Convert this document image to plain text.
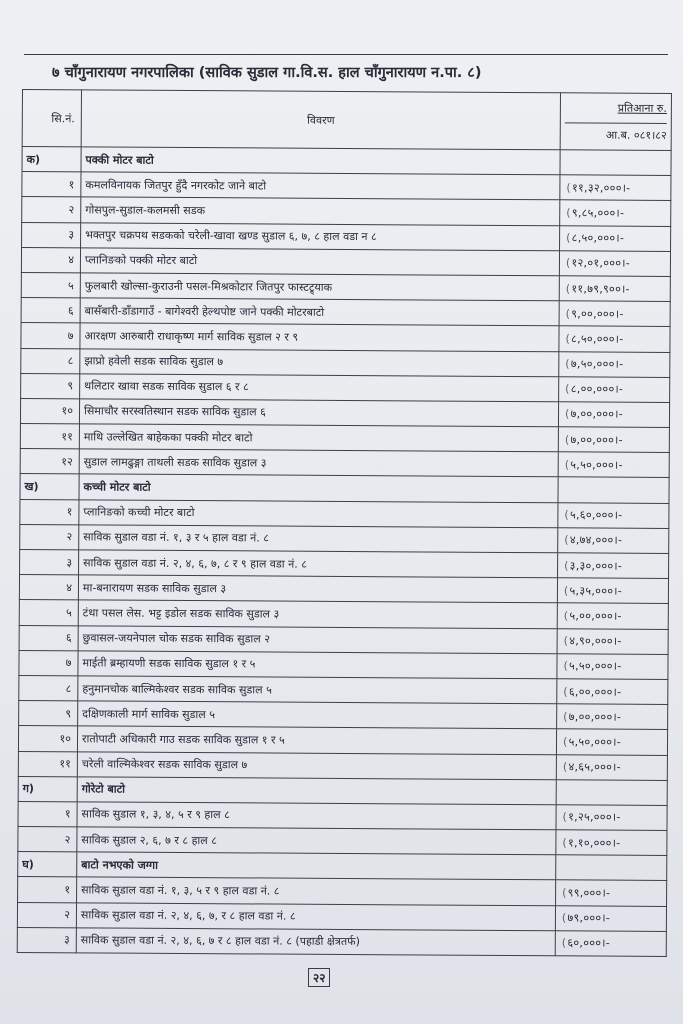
७ चाँगुनारायण नगरपालिका (साविक सुडाल गा.वि.स. हाल चाँगुनारायण न.पा. ८)
सि.नं.	विवरण	प्रतिआना रु.
आ.ब. ०८१।८२

क)	पक्की मोटर बाटो	
१	कमलविनायक जितपुर हुँदै नगरकोट जाने बाटो	( ११,३२,०००।-
२	गोसपुल-सुडाल-कलमसी सडक	( ९,८५,०००।-
३	भक्तपुर चक्रपथ सडकको चरेली-खावा खण्ड सुडाल ६, ७, ८ हाल वडा न ८	( ८,५०,०००।-
४	प्लानिङको पक्की मोटर बाटो	( १२,०१,०००।-
५	फुलबारी खोल्सा-कुराउनी पसल-मिश्रकोटार जितपुर फास्टट्र्याक	( ११,७९,९००।-
६	बासँबारी-डाँडागाउँ - बागेश्वरी हेल्थपोष्ट जाने पक्की मोटरबाटो	( ९,००,०००।-
७	आरक्षण आरुबारी राधाकृष्ण मार्ग साविक सुडाल २ र ९	( ८,५०,०००।-
८	झाप्रो हवेली सडक साविक सुडाल ७	( ७,५०,०००।-
९	थलिटार खावा सडक साविक सुडाल ६ र ८	( ८,००,०००।-
१०	सिमाचौर सरस्वतिस्थान सडक साविक सुडाल ६	( ७,००,०००।-
११	माथि उल्लेखित बाहेकका पक्की मोटर बाटो	( ७,००,०००।-
१२	सुडाल लामढुङ्गा ताथली सडक साविक सुडाल ३	( ५,५०,०००।-
ख)	कच्ची मोटर बाटो	
१	प्लानिङको कच्ची मोटर बाटो	( ५,६०,०००।-
२	साविक सुडाल वडा नं. १, ३ र ५ हाल वडा नं. ८	( ४,७४,०००।-
३	साविक सुडाल वडा नं. २, ४, ६, ७, ८ र ९ हाल वडा नं. ८	( ३,३०,०००।-
४	मा-बनारायण सडक साविक सुडाल ३	( ५,३५,०००।-
५	टंथा पसल लेस. भट्ट इडोल सडक साविक सुडाल ३	( ५,००,०००।-
६	छुवासल-जयनेपाल चोक सडक साविक सुडाल २	( ४,९०,०००।-
७	माईती ब्रम्हायणी सडक साविक सुडाल १ र ५	( ५,५०,०००।-
८	हनुमानचोक बाल्मिकेश्वर सडक साविक सुडाल ५	( ६,००,०००।-
९	दक्षिणकाली मार्ग साविक सुडाल ५	( ७,००,०००।-
१०	रातोपाटी अधिकारी गाउ सडक साविक सुडाल १ र ५	( ५,५०,०००।-
११	चरेली वाल्मिकेश्वर सडक साविक सुडाल ७	( ४,६५,०००।-
ग)	गोरेटो बाटो	
१	साविक सुडाल १, ३, ४, ५ र ९ हाल ८	( १,२५,०००।-
२	साविक सुडाल २, ६, ७ र ८ हाल ८	( १,१०,०००।-
घ)	बाटो नभएको जग्गा	
१	साविक सुडाल वडा नं. १, ३, ५ र ९ हाल वडा नं. ८	( ९९,०००।-
२	साविक सुडाल वडा नं. २, ४, ६, ७, र ८ हाल वडा नं. ८	( ७९,०००।-
३	साविक सुडाल वडा नं. २, ४, ६, ७ र ८ हाल वडा नं. ८ (पहाडी क्षेत्रतर्फ)	( ६०,०००।-
२२
